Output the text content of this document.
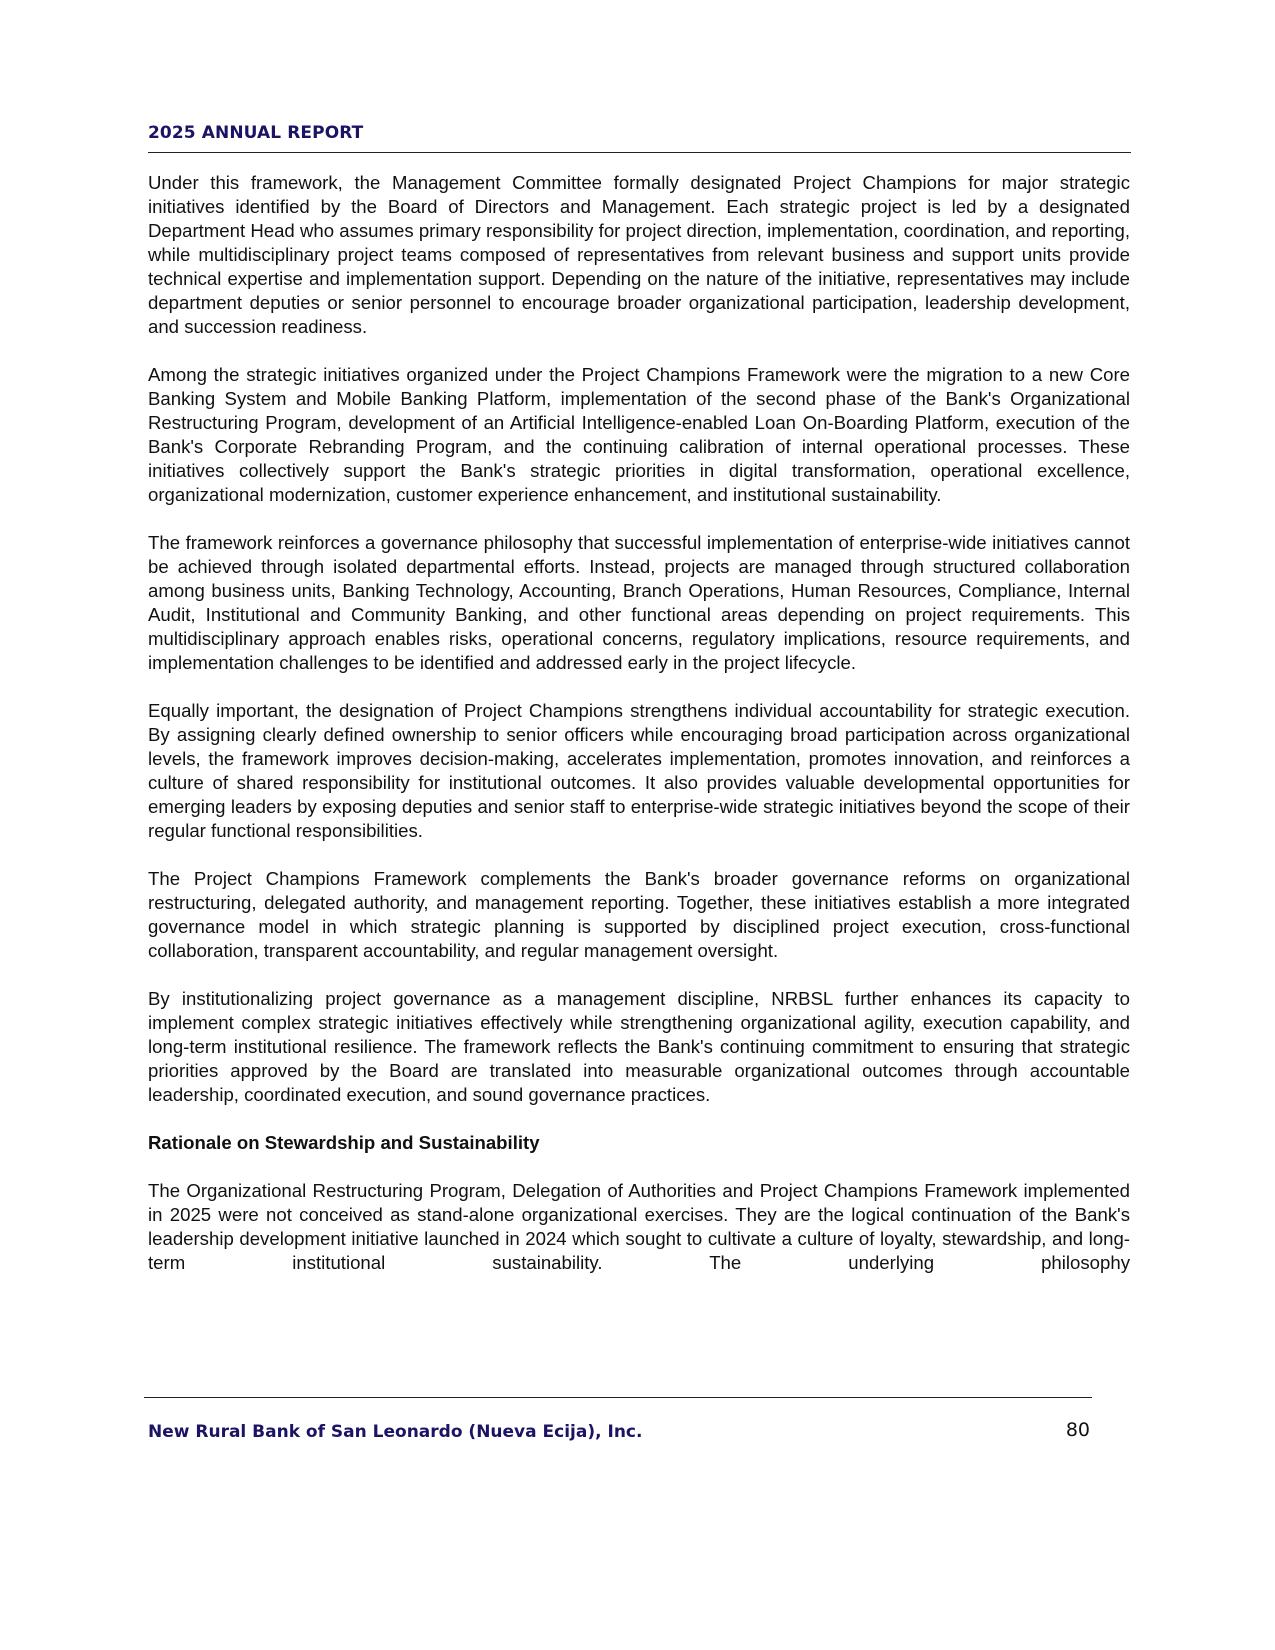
2025 ANNUAL REPORT

Under this framework, the Management Committee formally designated Project Champions for major strategic initiatives identified by the Board of Directors and Management. Each strategic project is led by a designated Department Head who assumes primary responsibility for project direction, implementation, coordination, and reporting, while multidisciplinary project teams composed of representatives from relevant business and support units provide technical expertise and implementation support. Depending on the nature of the initiative, representatives may include department deputies or senior personnel to encourage broader organizational participation, leadership development, and succession readiness.

Among the strategic initiatives organized under the Project Champions Framework were the migration to a new Core Banking System and Mobile Banking Platform, implementation of the second phase of the Bank's Organizational Restructuring Program, development of an Artificial Intelligence-enabled Loan On-Boarding Platform, execution of the Bank's Corporate Rebranding Program, and the continuing calibration of internal operational processes. These initiatives collectively support the Bank's strategic priorities in digital transformation, operational excellence, organizational modernization, customer experience enhancement, and institutional sustainability.

The framework reinforces a governance philosophy that successful implementation of enterprise-wide initiatives cannot be achieved through isolated departmental efforts. Instead, projects are managed through structured collaboration among business units, Banking Technology, Accounting, Branch Operations, Human Resources, Compliance, Internal Audit, Institutional and Community Banking, and other functional areas depending on project requirements. This multidisciplinary approach enables risks, operational concerns, regulatory implications, resource requirements, and implementation challenges to be identified and addressed early in the project lifecycle.

Equally important, the designation of Project Champions strengthens individual accountability for strategic execution. By assigning clearly defined ownership to senior officers while encouraging broad participation across organizational levels, the framework improves decision-making, accelerates implementation, promotes innovation, and reinforces a culture of shared responsibility for institutional outcomes. It also provides valuable developmental opportunities for emerging leaders by exposing deputies and senior staff to enterprise-wide strategic initiatives beyond the scope of their regular functional responsibilities.

The Project Champions Framework complements the Bank's broader governance reforms on organizational restructuring, delegated authority, and management reporting. Together, these initiatives establish a more integrated governance model in which strategic planning is supported by disciplined project execution, cross-functional collaboration, transparent accountability, and regular management oversight.

By institutionalizing project governance as a management discipline, NRBSL further enhances its capacity to implement complex strategic initiatives effectively while strengthening organizational agility, execution capability, and long-term institutional resilience. The framework reflects the Bank's continuing commitment to ensuring that strategic priorities approved by the Board are translated into measurable organizational outcomes through accountable leadership, coordinated execution, and sound governance practices.

Rationale on Stewardship and Sustainability

The Organizational Restructuring Program, Delegation of Authorities and Project Champions Framework implemented in 2025 were not conceived as stand-alone organizational exercises. They are the logical continuation of the Bank's leadership development initiative launched in 2024 which sought to cultivate a culture of loyalty, stewardship, and long-term institutional sustainability. The underlying philosophy

New Rural Bank of San Leonardo (Nueva Ecija), Inc.	80
